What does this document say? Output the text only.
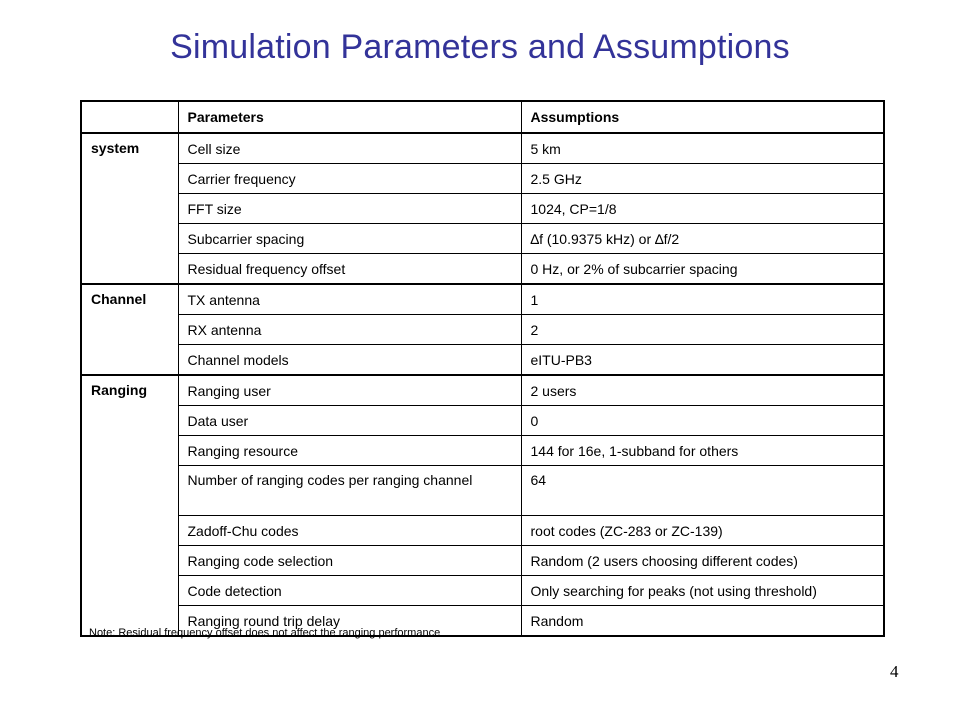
Simulation Parameters and Assumptions
	Parameters	Assumptions
system	Cell size	5 km
	Carrier frequency	2.5 GHz
	FFT size	1024, CP=1/8
	Subcarrier spacing	∆f (10.9375 kHz) or ∆f/2
	Residual frequency offset	0 Hz, or 2% of subcarrier spacing
Channel	TX antenna	1
	RX antenna	2
	Channel models	eITU-PB3
Ranging	Ranging user	2 users
	Data user	0
	Ranging resource	144 for 16e, 1-subband for others
	Number of ranging codes per ranging channel	64
	Zadoff-Chu codes	root codes (ZC-283 or ZC-139)
	Ranging code selection	Random (2 users choosing different codes)
	Code detection	Only searching for peaks (not using threshold)
	Ranging round trip delay	Random
Note: Residual frequency offset does not affect the ranging performance
4
